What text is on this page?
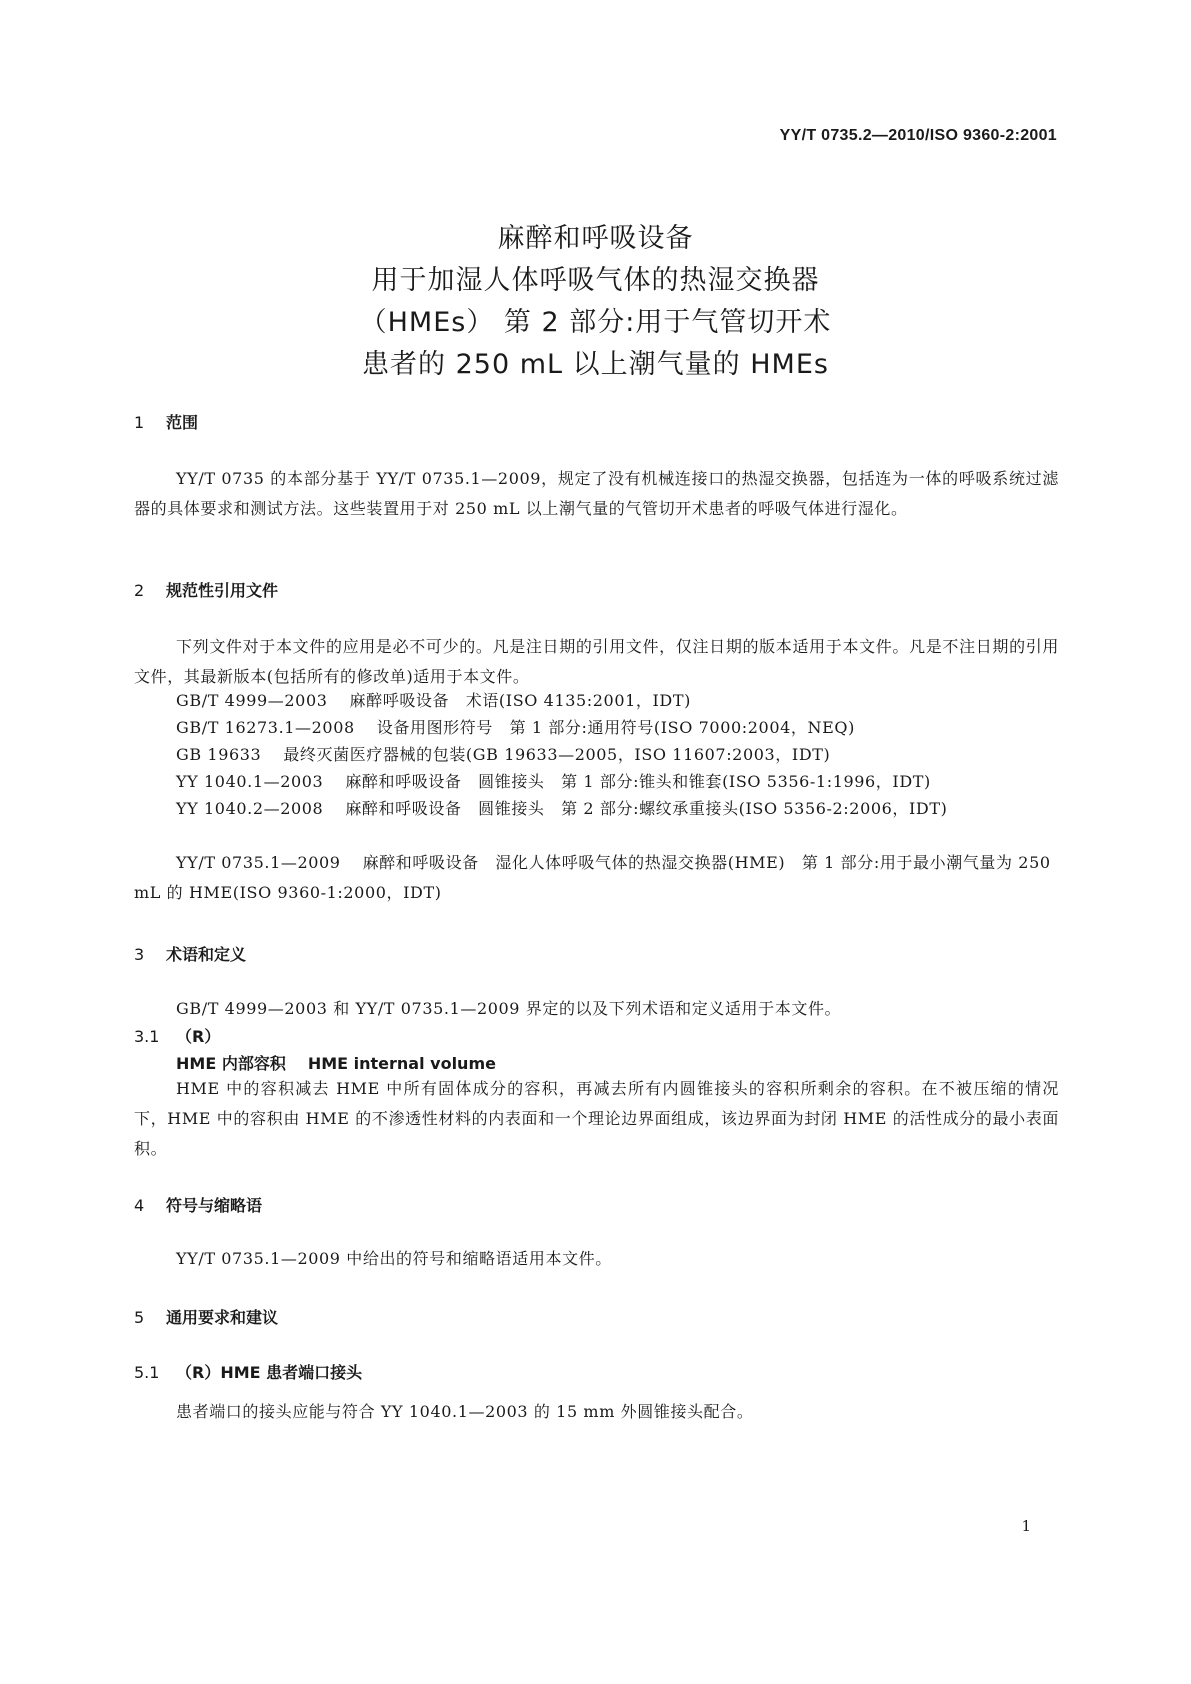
YY/T 0735.2—2010/ISO 9360-2:2001
麻醉和呼吸设备
用于加湿人体呼吸气体的热湿交换器
（HMEs） 第 2 部分:用于气管切开术
患者的 250 mL 以上潮气量的 HMEs
1 范围
YY/T 0735 的本部分基于 YY/T 0735.1—2009，规定了没有机械连接口的热湿交换器，包括连为一体的呼吸系统过滤器的具体要求和测试方法。这些装置用于对 250 mL 以上潮气量的气管切开术患者的呼吸气体进行湿化。
2 规范性引用文件
下列文件对于本文件的应用是必不可少的。凡是注日期的引用文件，仅注日期的版本适用于本文件。凡是不注日期的引用文件，其最新版本(包括所有的修改单)适用于本文件。
GB/T 4999—2003 麻醉呼吸设备　术语(ISO 4135:2001，IDT)
GB/T 16273.1—2008 设备用图形符号　第 1 部分:通用符号(ISO 7000:2004，NEQ)
GB 19633 最终灭菌医疗器械的包装(GB 19633—2005，ISO 11607:2003，IDT)
YY 1040.1—2003 麻醉和呼吸设备　圆锥接头　第 1 部分:锥头和锥套(ISO 5356-1:1996，IDT)
YY 1040.2—2008 麻醉和呼吸设备　圆锥接头　第 2 部分:螺纹承重接头(ISO 5356-2:2006，IDT)
YY/T 0735.1—2009 麻醉和呼吸设备　湿化人体呼吸气体的热湿交换器(HME)　第 1 部分:用于最小潮气量为 250 mL 的 HME(ISO 9360-1:2000，IDT)
3 术语和定义
GB/T 4999—2003 和 YY/T 0735.1—2009 界定的以及下列术语和定义适用于本文件。
3.1 （R）
HME 内部容积 HME internal volume
HME 中的容积减去 HME 中所有固体成分的容积，再减去所有内圆锥接头的容积所剩余的容积。在不被压缩的情况下，HME 中的容积由 HME 的不渗透性材料的内表面和一个理论边界面组成，该边界面为封闭 HME 的活性成分的最小表面积。
4 符号与缩略语
YY/T 0735.1—2009 中给出的符号和缩略语适用本文件。
5 通用要求和建议
5.1 （R）HME 患者端口接头
患者端口的接头应能与符合 YY 1040.1—2003 的 15 mm 外圆锥接头配合。
1
